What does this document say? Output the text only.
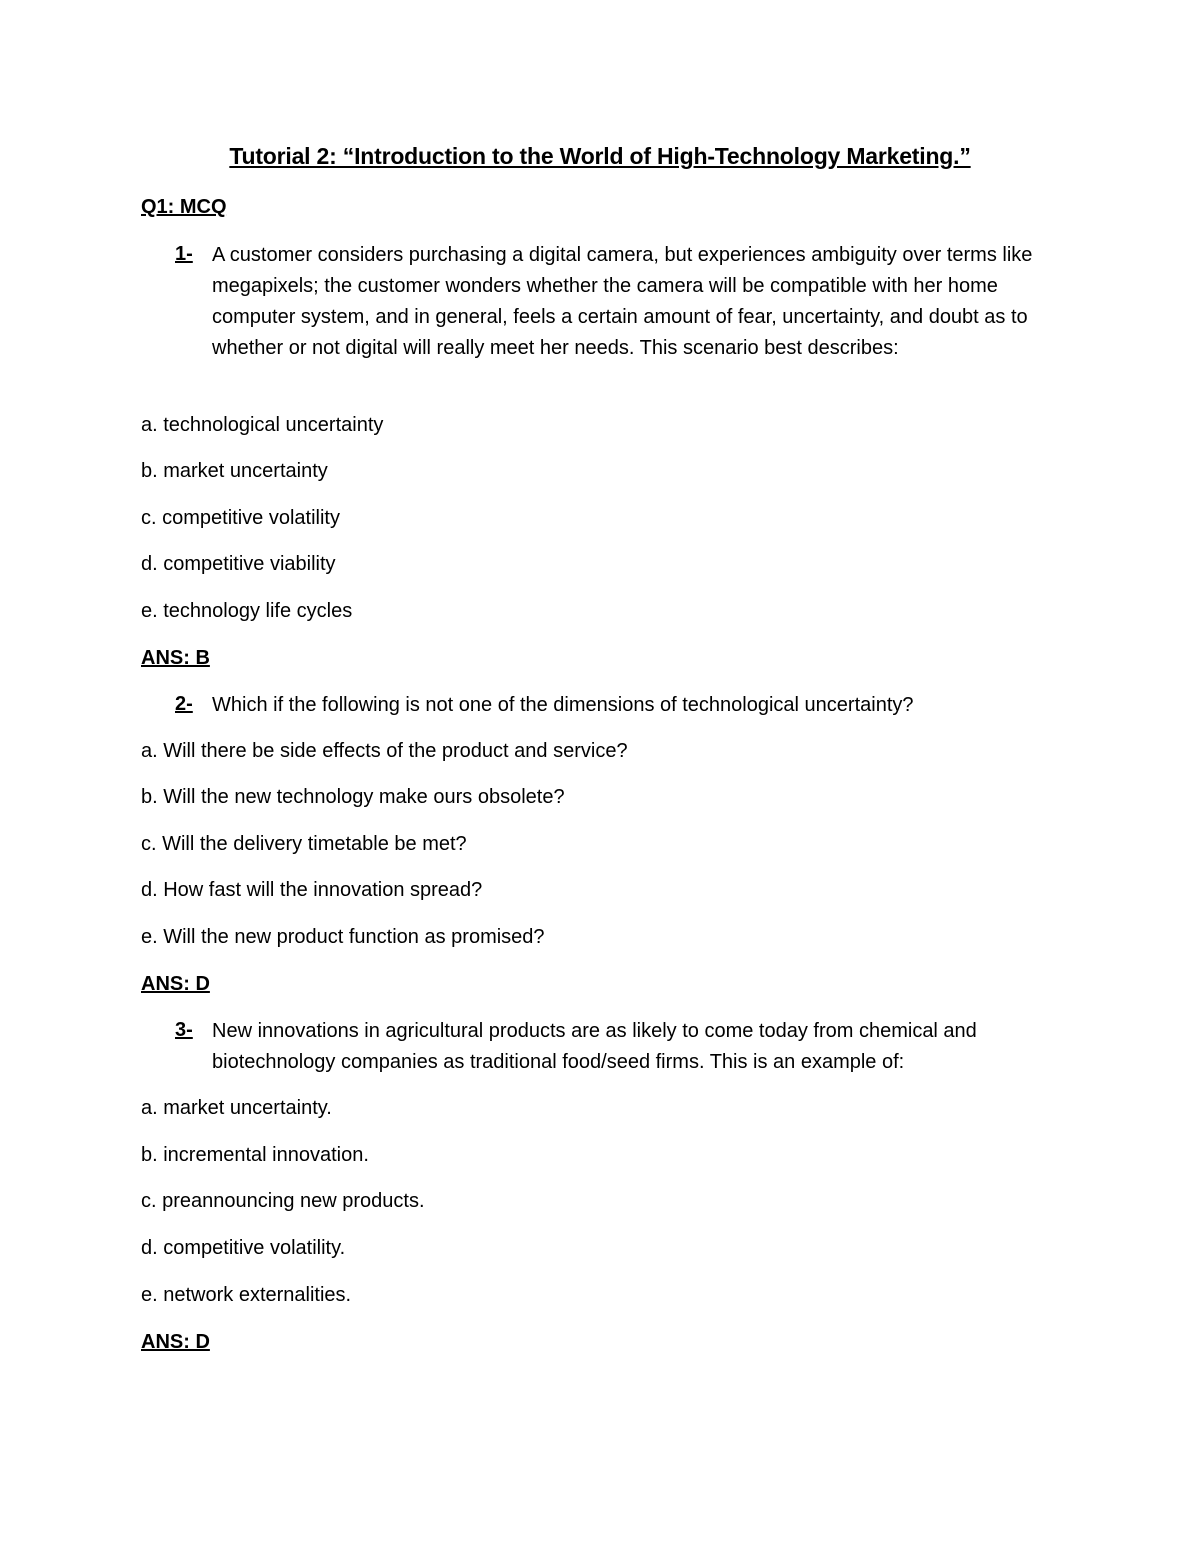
Tutorial 2: “Introduction to the World of High-Technology Marketing.”
Q1: MCQ
1- A customer considers purchasing a digital camera, but experiences ambiguity over terms like megapixels; the customer wonders whether the camera will be compatible with her home computer system, and in general, feels a certain amount of fear, uncertainty, and doubt as to whether or not digital will really meet her needs. This scenario best describes:
a. technological uncertainty
b. market uncertainty
c. competitive volatility
d. competitive viability
e. technology life cycles
ANS: B
2- Which if the following is not one of the dimensions of technological uncertainty?
a. Will there be side effects of the product and service?
b. Will the new technology make ours obsolete?
c. Will the delivery timetable be met?
d. How fast will the innovation spread?
e. Will the new product function as promised?
ANS: D
3- New innovations in agricultural products are as likely to come today from chemical and biotechnology companies as traditional food/seed firms. This is an example of:
a. market uncertainty.
b. incremental innovation.
c. preannouncing new products.
d. competitive volatility.
e. network externalities.
ANS: D
